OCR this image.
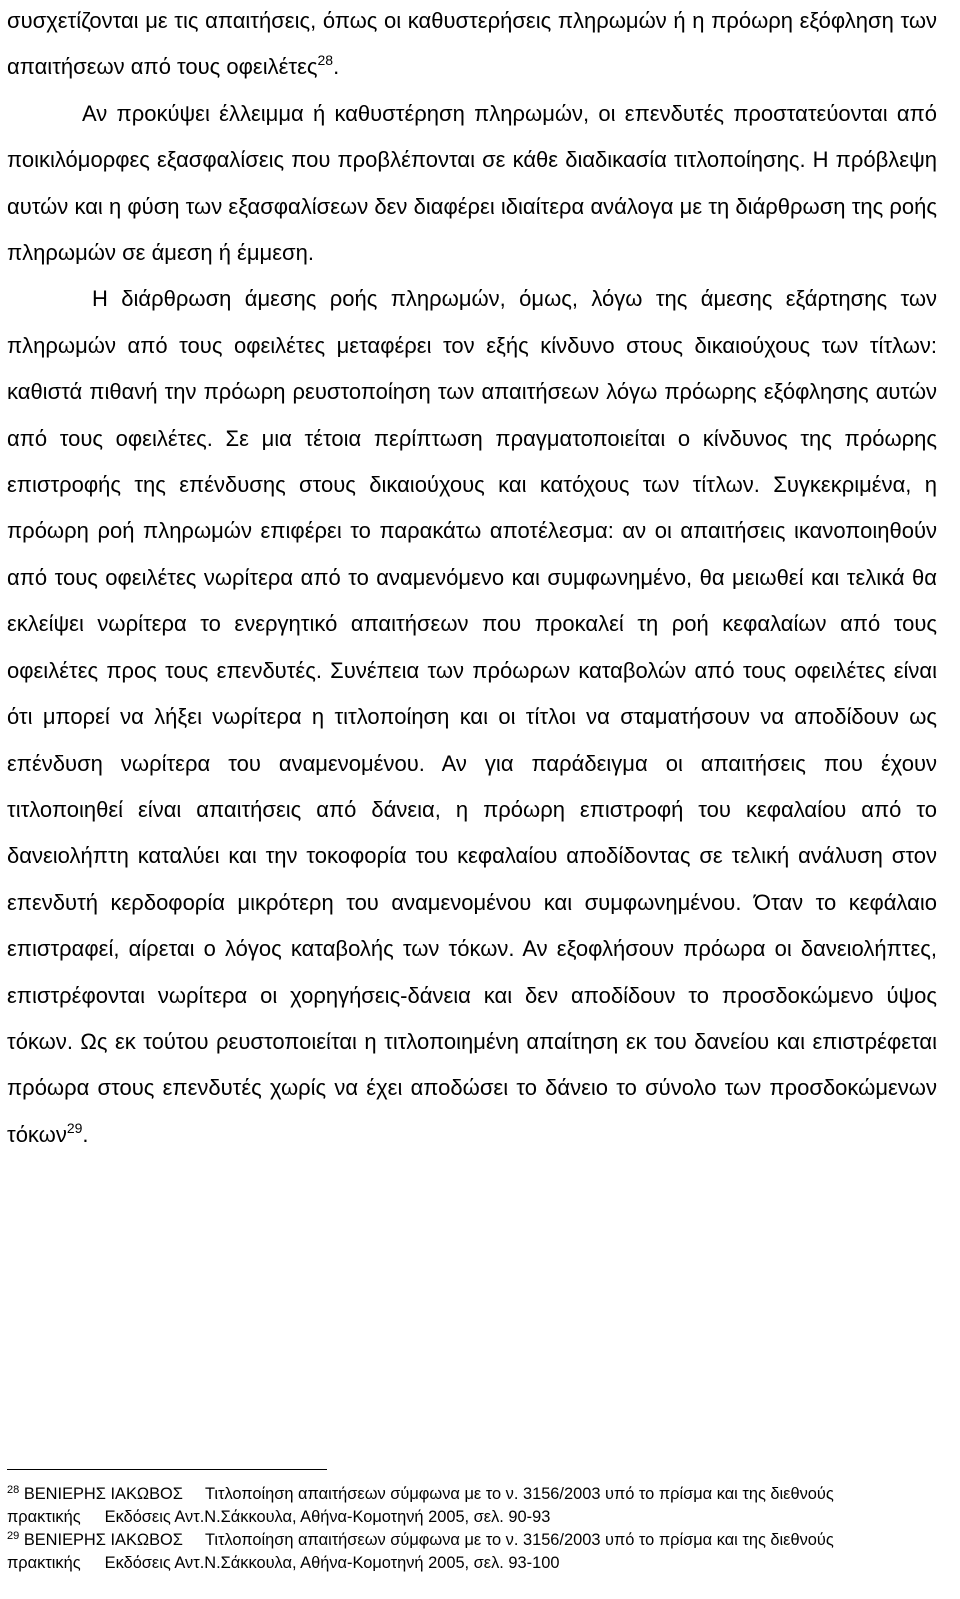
συσχετίζονται με τις απαιτήσεις, όπως οι καθυστερήσεις πληρωμών ή η πρόωρη εξόφληση των απαιτήσεων από τους οφειλέτες$^{28}$.

Αν προκύψει έλλειμμα ή καθυστέρηση πληρωμών, οι επενδυτές προστατεύονται από ποικιλόμορφες εξασφαλίσεις που προβλέπονται σε κάθε διαδικασία τιτλοποίησης. Η πρόβλεψη αυτών και η φύση των εξασφαλίσεων δεν διαφέρει ιδιαίτερα ανάλογα με τη διάρθρωση της ροής πληρωμών σε άμεση ή έμμεση.

Η διάρθρωση άμεσης ροής πληρωμών, όμως, λόγω της άμεσης εξάρτησης των πληρωμών από τους οφειλέτες μεταφέρει τον εξής κίνδυνο στους δικαιούχους των τίτλων: καθιστά πιθανή την πρόωρη ρευστοποίηση των απαιτήσεων λόγω πρόωρης εξόφλησης αυτών από τους οφειλέτες. Σε μια τέτοια περίπτωση πραγματοποιείται ο κίνδυνος της πρόωρης επιστροφής της επένδυσης στους δικαιούχους και κατόχους των τίτλων. Συγκεκριμένα, η πρόωρη ροή πληρωμών επιφέρει το παρακάτω αποτέλεσμα: αν οι απαιτήσεις ικανοποιηθούν από τους οφειλέτες νωρίτερα από το αναμενόμενο και συμφωνημένο, θα μειωθεί και τελικά θα εκλείψει νωρίτερα το ενεργητικό απαιτήσεων που προκαλεί τη ροή κεφαλαίων από τους οφειλέτες προς τους επενδυτές. Συνέπεια των πρόωρων καταβολών από τους οφειλέτες είναι ότι μπορεί να λήξει νωρίτερα η τιτλοποίηση και οι τίτλοι να σταματήσουν να αποδίδουν ως επένδυση νωρίτερα του αναμενομένου. Αν για παράδειγμα οι απαιτήσεις που έχουν τιτλοποιηθεί είναι απαιτήσεις από δάνεια, η πρόωρη επιστροφή του κεφαλαίου από το δανειολήπτη καταλύει και την τοκοφορία του κεφαλαίου αποδίδοντας σε τελική ανάλυση στον επενδυτή κερδοφορία μικρότερη του αναμενομένου και συμφωνημένου. Όταν το κεφάλαιο επιστραφεί, αίρεται ο λόγος καταβολής των τόκων. Αν εξοφλήσουν πρόωρα οι δανειολήπτες, επιστρέφονται νωρίτερα οι χορηγήσεις-δάνεια και δεν αποδίδουν το προσδοκώμενο ύψος τόκων. Ως εκ τούτου ρευστοποιείται η τιτλοποιημένη απαίτηση εκ του δανείου και επιστρέφεται πρόωρα στους επενδυτές χωρίς να έχει αποδώσει το δάνειο το σύνολο των προσδοκώμενων τόκων$^{29}$.

$^{28}$ ΒΕΝΙΕΡΗΣ ΙΑΚΩΒΟΣ Τιτλοποίηση απαιτήσεων σύμφωνα με το ν. 3156/2003 υπό το πρίσμα και της διεθνούς

πρακτικής Εκδόσεις Αντ.Ν.Σάκκουλα, Αθήνα-Κομοτηνή 2005, σελ. 90-93

$^{29}$ ΒΕΝΙΕΡΗΣ ΙΑΚΩΒΟΣ Τιτλοποίηση απαιτήσεων σύμφωνα με το ν. 3156/2003 υπό το πρίσμα και της διεθνούς

πρακτικής Εκδόσεις Αντ.Ν.Σάκκουλα, Αθήνα-Κομοτηνή 2005, σελ. 93-100
